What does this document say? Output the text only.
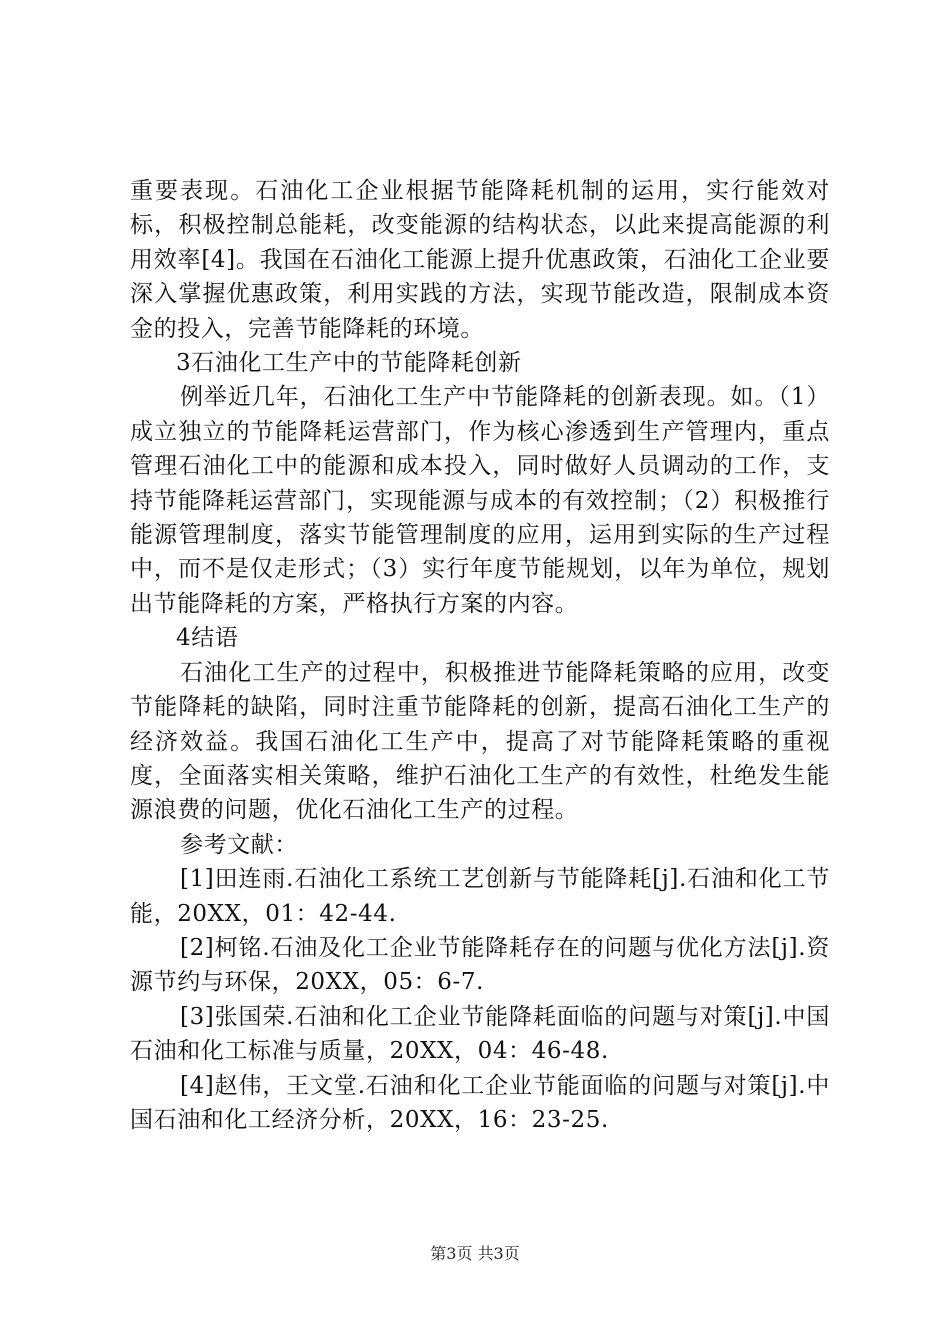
重要表现。石油化工企业根据节能降耗机制的运用，实行能效对标，积极控制总能耗，改变能源的结构状态，以此来提高能源的利用效率[4]。我国在石油化工能源上提升优惠政策，石油化工企业要深入掌握优惠政策，利用实践的方法，实现节能改造，限制成本资金的投入，完善节能降耗的环境。

3石油化工生产中的节能降耗创新

例举近几年，石油化工生产中节能降耗的创新表现。如。（1）成立独立的节能降耗运营部门，作为核心渗透到生产管理内，重点管理石油化工中的能源和成本投入，同时做好人员调动的工作，支持节能降耗运营部门，实现能源与成本的有效控制；（2）积极推行能源管理制度，落实节能管理制度的应用，运用到实际的生产过程中，而不是仅走形式；（3）实行年度节能规划，以年为单位，规划出节能降耗的方案，严格执行方案的内容。

4结语

石油化工生产的过程中，积极推进节能降耗策略的应用，改变节能降耗的缺陷，同时注重节能降耗的创新，提高石油化工生产的经济效益。我国石油化工生产中，提高了对节能降耗策略的重视度，全面落实相关策略，维护石油化工生产的有效性，杜绝发生能源浪费的问题，优化石油化工生产的过程。

参考文献：

[1]田连雨.石油化工系统工艺创新与节能降耗[j].石油和化工节能，20XX，01：42-44.

[2]柯铭.石油及化工企业节能降耗存在的问题与优化方法[j].资源节约与环保，20XX，05：6-7.

[3]张国荣.石油和化工企业节能降耗面临的问题与对策[j].中国石油和化工标准与质量，20XX，04：46-48.

[4]赵伟，王文堂.石油和化工企业节能面临的问题与对策[j].中国石油和化工经济分析，20XX，16：23-25.

第3页 共3页
